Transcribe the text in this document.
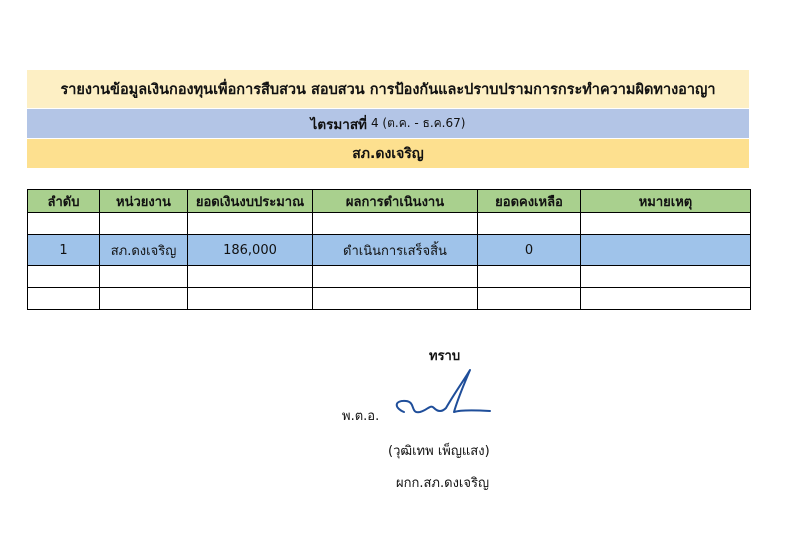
รายงานข้อมูลเงินกองทุนเพื่อการสืบสวน สอบสวน การป้องกันและปราบปรามการกระทำความผิดทางอาญา
ไตรมาสที่ 4 (ต.ค. - ธ.ค.67)
สภ.ดงเจริญ
ลำดับ	หน่วยงาน	ยอดเงินงบประมาณ	ผลการดำเนินงาน	ยอดคงเหลือ	หมายเหตุ

1	สภ.ดงเจริญ	186,000	ดำเนินการเสร็จสิ้น	0	

ทราบ
พ.ต.อ.
(วุฒิเทพ เพ็ญแสง)
ผกก.สภ.ดงเจริญ
